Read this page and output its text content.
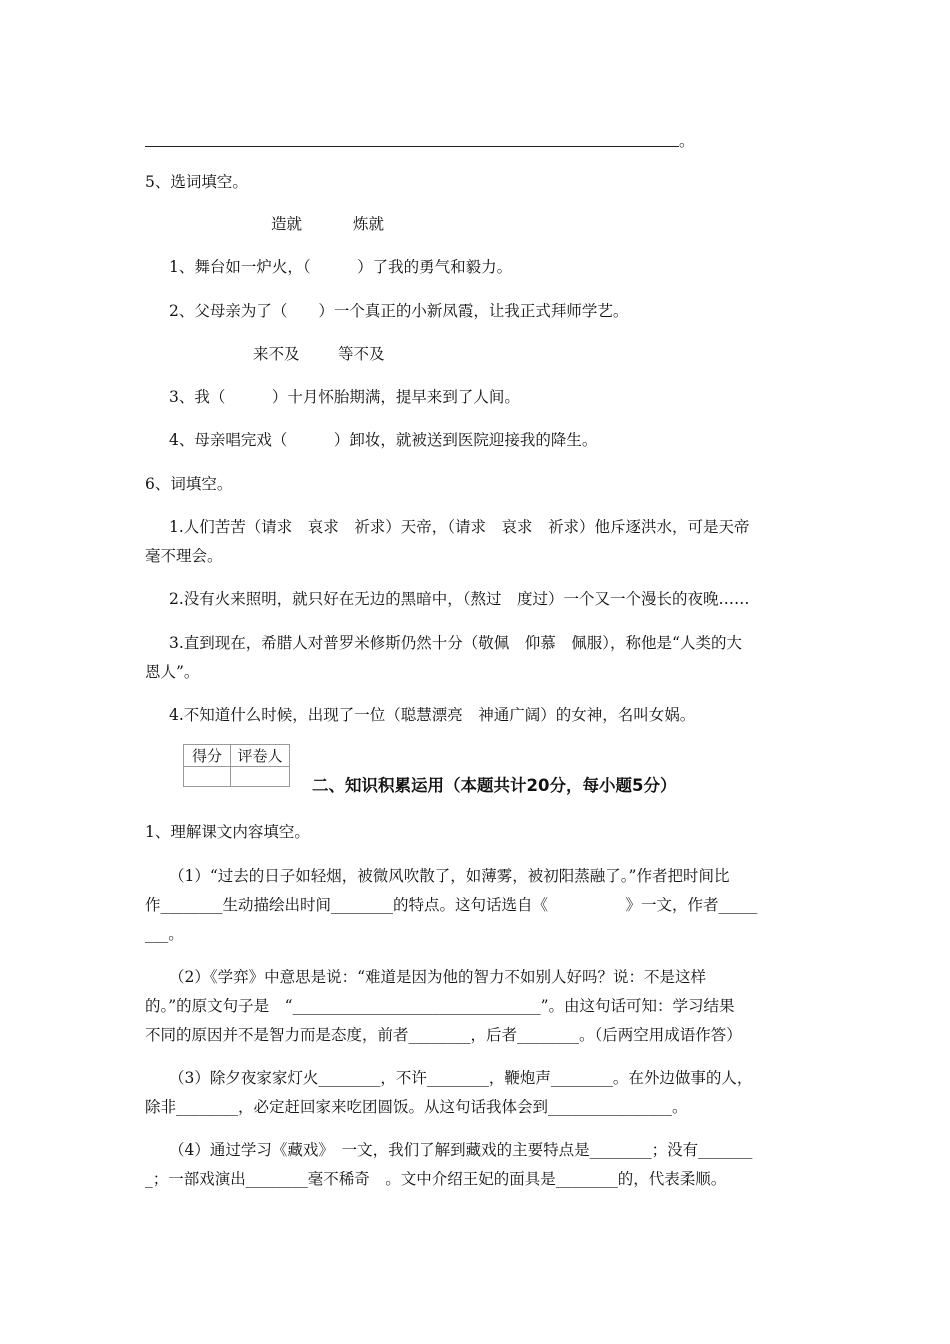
。
5、选词填空。
造就	炼就
1、舞台如一炉火，（　　　）了我的勇气和毅力。
2、父母亲为了（　　）一个真正的小新凤霞，让我正式拜师学艺。
来不及 等不及
3、我（　　　）十月怀胎期满，提早来到了人间。
4、母亲唱完戏（　　　）卸妆，就被送到医院迎接我的降生。
6、词填空。
1.人们苦苦（请求　哀求　祈求）天帝，（请求　哀求　祈求）他斥逐洪水，可是天帝
毫不理会。
2.没有火来照明，就只好在无边的黑暗中，（熬过　度过）一个又一个漫长的夜晚……
3.直到现在，希腊人对普罗米修斯仍然十分（敬佩　仰慕　佩服），称他是“人类的大
恩人”。
4.不知道什么时候，出现了一位（聪慧漂亮　神通广阔）的女神，名叫女娲。
得分	评卷人

二、知识积累运用（本题共计20分，每小题5分）
1、理解课文内容填空。
（1）“过去的日子如轻烟，被微风吹散了，如薄雾，被初阳蒸融了。”作者把时间比
作________生动描绘出时间________的特点。这句话选自《　　　　　》一文，作者_____
___。
（2）《学弈》中意思是说：“难道是因为他的智力不如别人好吗？说：不是这样
的。”的原文句子是　“________________________________”。由这句话可知：学习结果
不同的原因并不是智力而是态度，前者________，后者________。（后两空用成语作答）
（3）除夕夜家家灯火________，不许________，鞭炮声________。在外边做事的人，
除非________，必定赶回家来吃团圆饭。从这句话我体会到________________。
（4）通过学习《藏戏》　一文，我们了解到藏戏的主要特点是________；没有_______
_；一部戏演出________毫不稀奇　。文中介绍王妃的面具是________的，代表柔顺。
